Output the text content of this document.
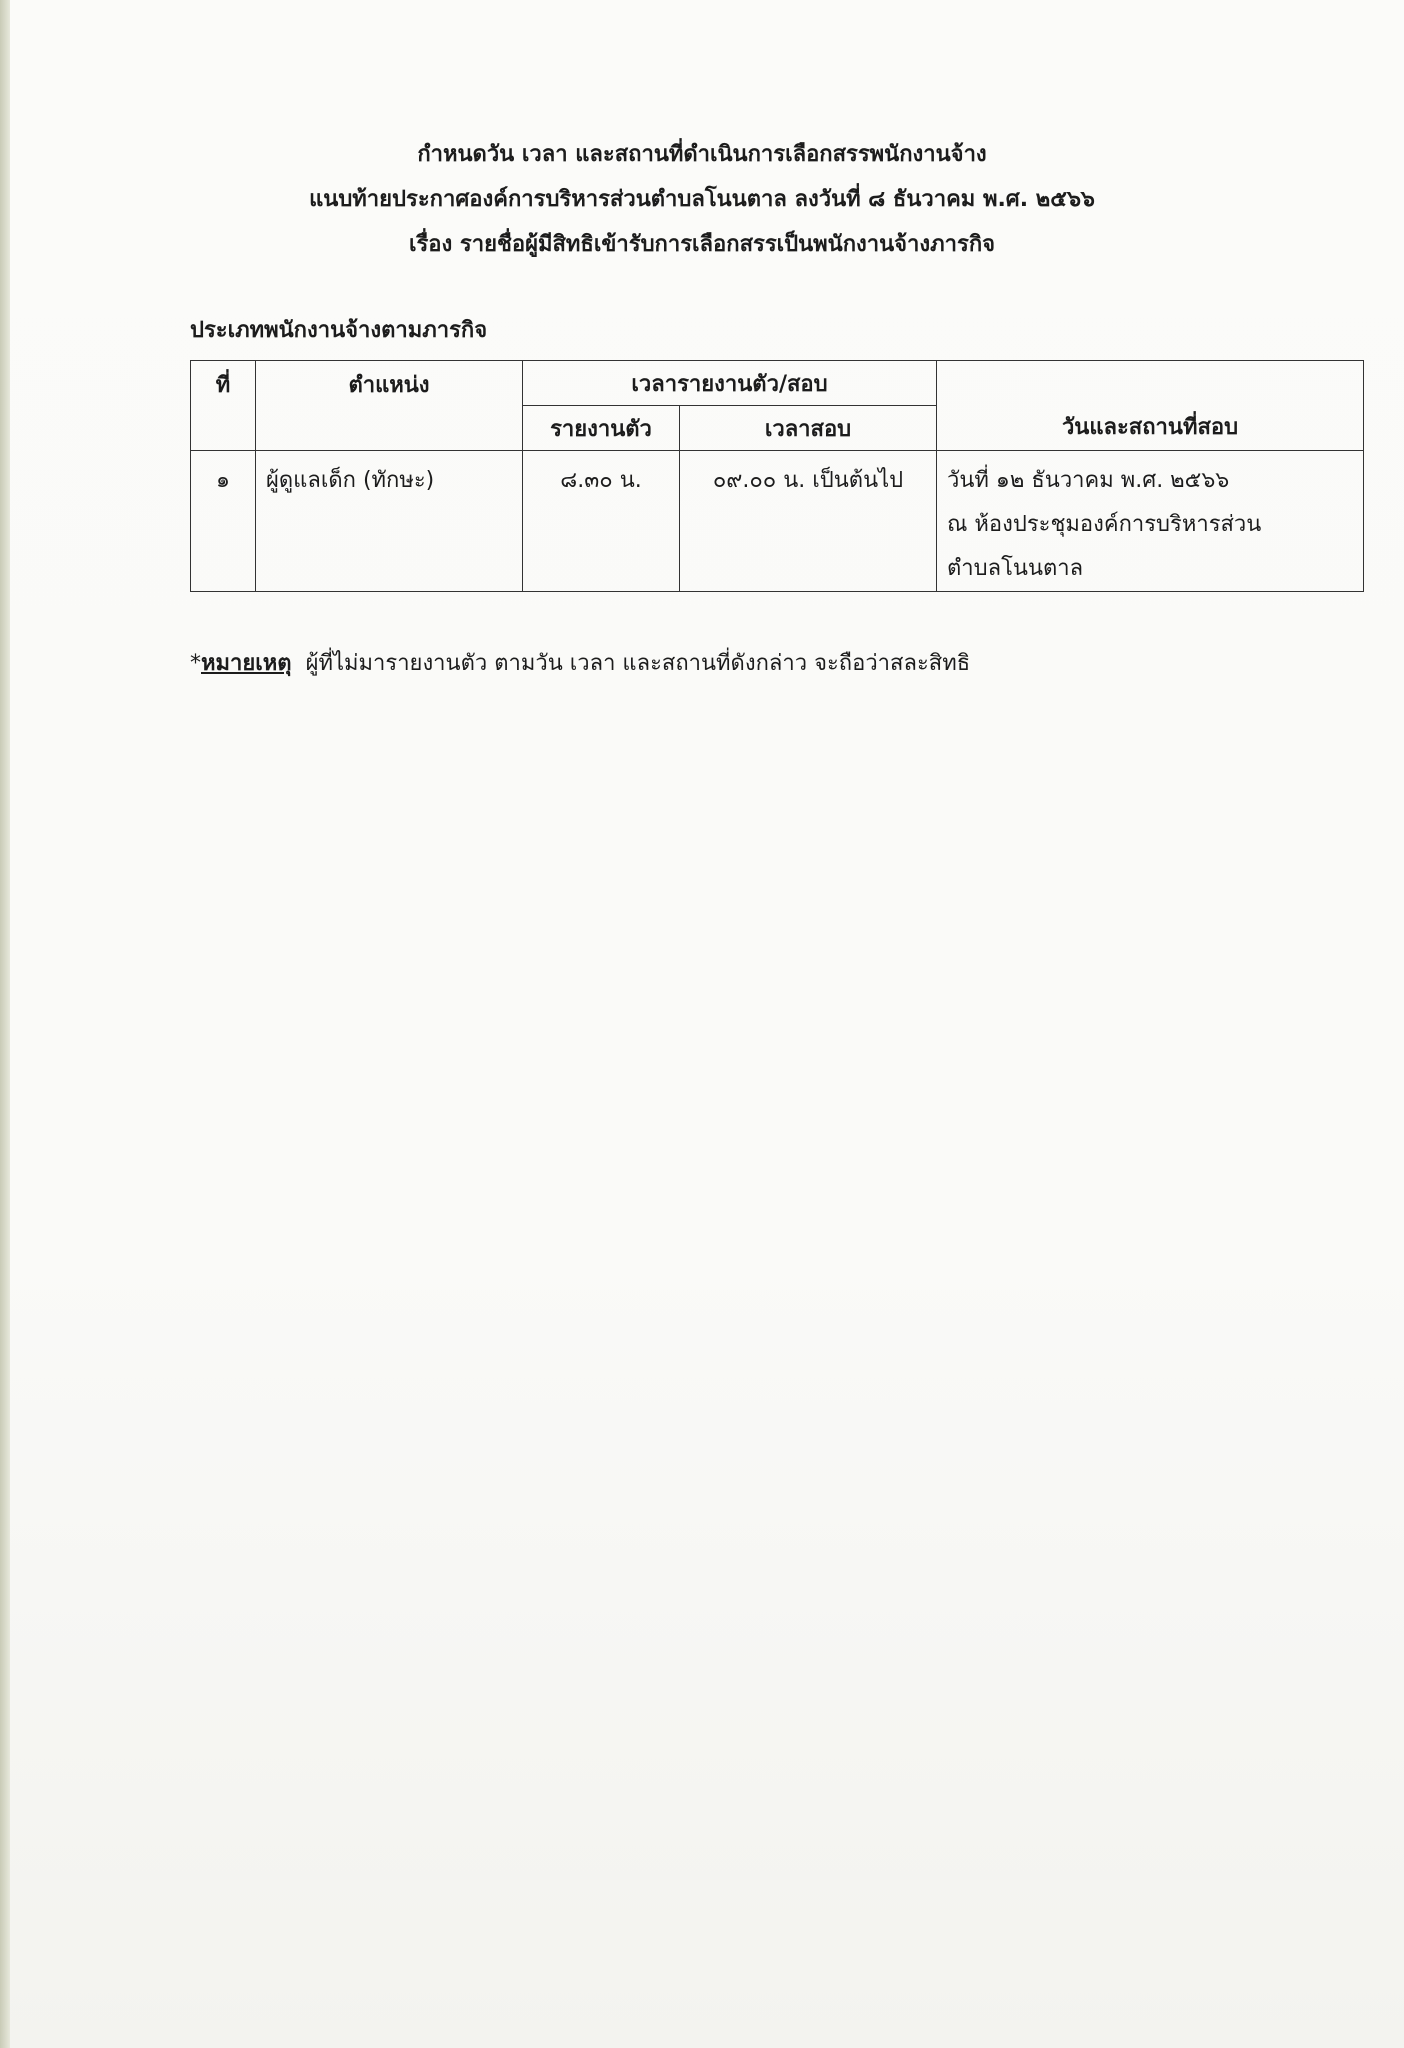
กำหนดวัน เวลา และสถานที่ดำเนินการเลือกสรรพนักงานจ้าง
แนบท้ายประกาศองค์การบริหารส่วนตำบลโนนตาล ลงวันที่ ๘ ธันวาคม พ.ศ. ๒๕๖๖
เรื่อง รายชื่อผู้มีสิทธิเข้ารับการเลือกสรรเป็นพนักงานจ้างภารกิจ
ประเภทพนักงานจ้างตามภารกิจ
ที่	ตำแหน่ง	เวลารายงานตัว/สอบ		วันและสถานที่สอบ
		รายงานตัว	เวลาสอบ	
๑	ผู้ดูแลเด็ก (ทักษะ)	๘.๓๐ น.	๐๙.๐๐ น. เป็นต้นไป	วันที่ ๑๒ ธันวาคม พ.ศ. ๒๕๖๖
ณ ห้องประชุมองค์การบริหารส่วน
ตำบลโนนตาล
*หมายเหตุ ผู้ที่ไม่มารายงานตัว ตามวัน เวลา และสถานที่ดังกล่าว จะถือว่าสละสิทธิ
